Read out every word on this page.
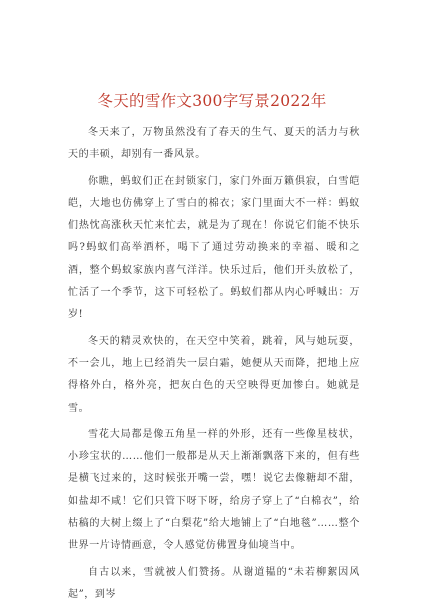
冬天的雪作文300字写景2022年

冬天来了，万物虽然没有了春天的生气、夏天的活力与秋天的丰硕，却别有一番风景。

你瞧，蚂蚁们正在封锁家门，家门外面万籁俱寂，白雪皑皑，大地也仿佛穿上了雪白的棉衣；家门里面大不一样：蚂蚁们热忱高涨秋天忙来忙去，就是为了现在！你说它们能不快乐吗?蚂蚁们高举酒杯，喝下了通过劳动换来的幸福、暖和之酒，整个蚂蚁家族内喜气洋洋。快乐过后，他们开头放松了，忙活了一个季节，这下可轻松了。蚂蚁们都从内心呼喊出：万岁!

冬天的精灵欢快的，在天空中笑着，跳着，风与她玩耍，不一会儿，地上已经消失一层白霜，她便从天而降，把地上应得格外白，格外亮，把灰白色的天空映得更加惨白。她就是雪。

雪花大局都是像五角星一样的外形，还有一些像星枝状，小珍宝状的……他们一般都是从天上渐渐飘落下来的，但有些是横飞过来的，这时候张开嘴一尝，嘿！说它去像糖却不甜，如盐却不咸！它们只管下呀下呀，给房子穿上了“白棉衣”，给枯稿的大树上缀上了“白梨花”给大地铺上了“白地毯”……整个世界一片诗情画意，令人感觉仿佛置身仙境当中。

自古以来，雪就被人们赞扬。从谢道韫的“未若柳絮因风起”，到岑
